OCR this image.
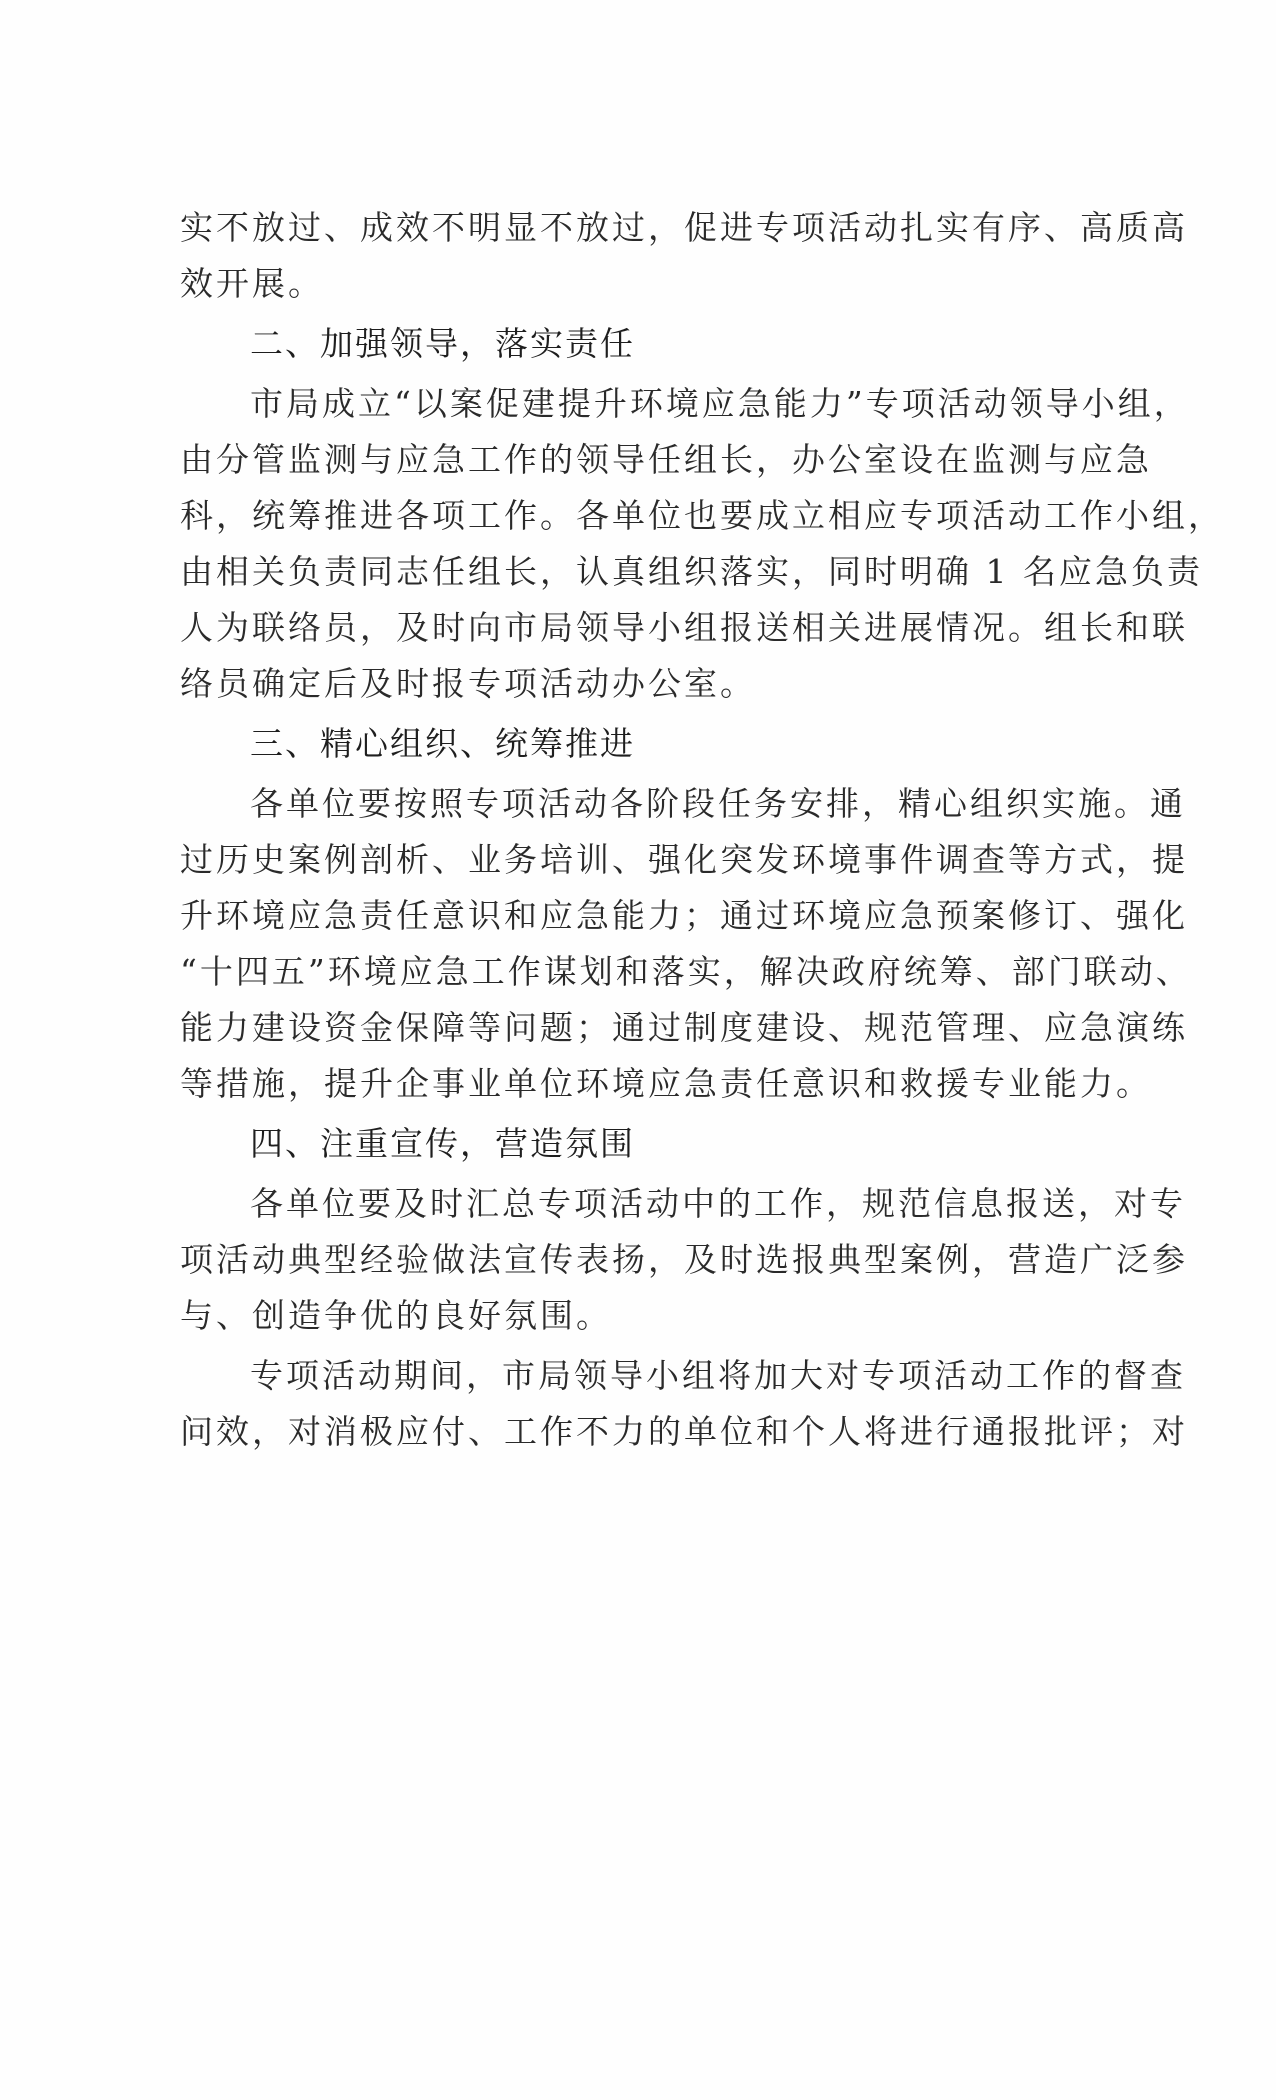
实不放过、成效不明显不放过，促进专项活动扎实有序、高质高
效开展。
二、加强领导，落实责任
市局成立“以案促建提升环境应急能力”专项活动领导小组，
由分管监测与应急工作的领导任组长，办公室设在监测与应急
科，统筹推进各项工作。各单位也要成立相应专项活动工作小组，
由相关负责同志任组长，认真组织落实，同时明确 1 名应急负责
人为联络员，及时向市局领导小组报送相关进展情况。组长和联
络员确定后及时报专项活动办公室。
三、精心组织、统筹推进
各单位要按照专项活动各阶段任务安排，精心组织实施。通
过历史案例剖析、业务培训、强化突发环境事件调查等方式，提
升环境应急责任意识和应急能力；通过环境应急预案修订、强化
“十四五”环境应急工作谋划和落实，解决政府统筹、部门联动、
能力建设资金保障等问题；通过制度建设、规范管理、应急演练
等措施，提升企事业单位环境应急责任意识和救援专业能力。
四、注重宣传，营造氛围
各单位要及时汇总专项活动中的工作，规范信息报送，对专
项活动典型经验做法宣传表扬，及时选报典型案例，营造广泛参
与、创造争优的良好氛围。
专项活动期间，市局领导小组将加大对专项活动工作的督查
问效，对消极应付、工作不力的单位和个人将进行通报批评；对
